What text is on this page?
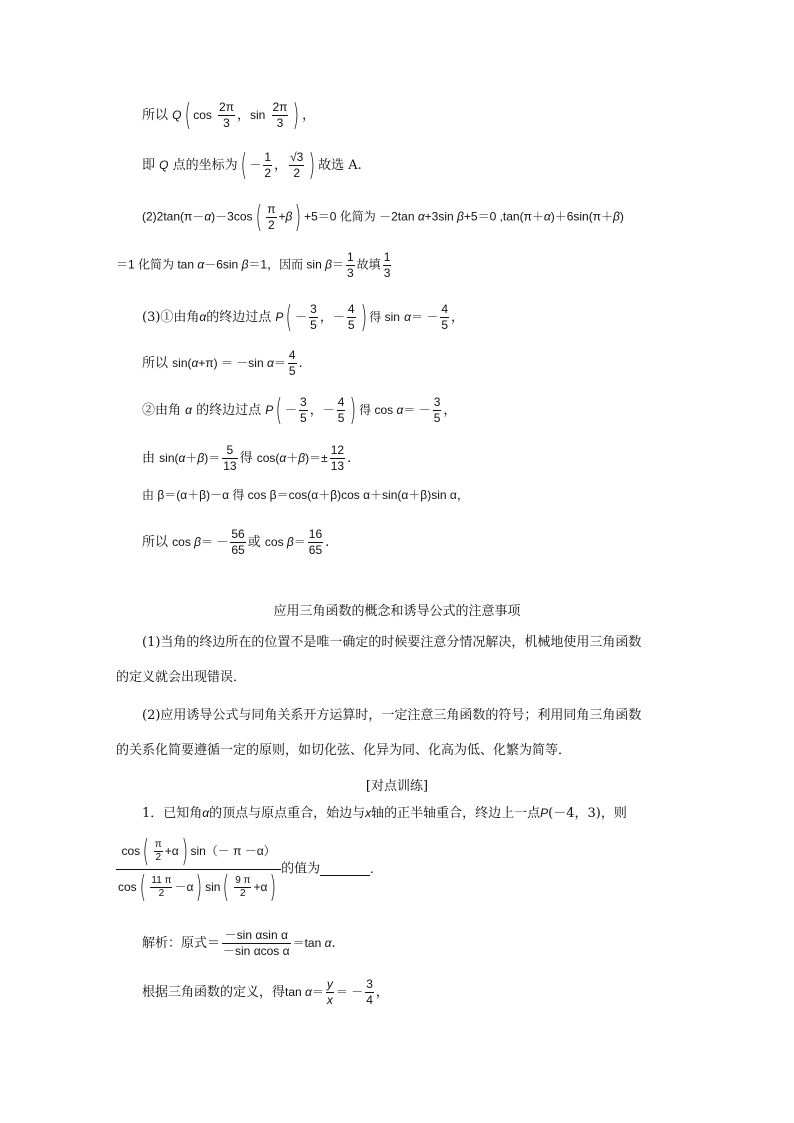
所以 Q( $\cos \frac{2\pi}{3}$ ，$\sin \frac{2\pi}{3}$ ) ，
即 Q 点的坐标为( － $\frac{1}{2}$ ， $\frac{√3}{2}$ ) 故选 A.
$(2)2\tan(\pi-\alpha)-3\cos( \frac{\pi}{2} +\beta) +5=0$ 化简为 －2tan α+3sin β+5＝0 ,tan(π＋α)＋6sin(π＋β)
＝1 化简为 tan α－6sin β＝1，因而 $\sin \beta= \frac{1}{3}$ 故填 $\frac{1}{3}$
(3)①由角α的终边过点 $P( - \frac{3}{5}$ ，－ $\frac{4}{5}$ ) 得 $\sin \alpha= - \frac{4}{5}$ ，
所以 sin(α+π) ＝ －sin $\alpha= \frac{4}{5}$ .
②由角 α 的终边过点 $P( - \frac{3}{5}$ ，－ $\frac{4}{5}$ ) 得 $\cos \alpha= - \frac{3}{5}$ ，
由 $\sin(\alpha+\beta)= \frac{5}{13}$ 得 $\cos(\alpha+\beta)=\pm \frac{12}{13}$ .
由 β＝(α＋β)－α 得 cos β＝cos(α＋β)cos α＋sin(α＋β)sin α，
所以 $\cos \beta= - \frac{56}{65}$ 或 $\cos \beta= \frac{16}{65}$ .
应用三角函数的概念和诱导公式的注意事项
(1)当角的终边所在的位置不是唯一确定的时候要注意分情况解决，机械地使用三角函数
的定义就会出现错误．
(2)应用诱导公式与同角关系开方运算时，一定注意三角函数的符号；利用同角三角函数
的关系化简要遵循一定的原则，如切化弦、化异为同、化高为低、化繁为简等．
[对点训练]
1．已知角α的顶点与原点重合，始边与x轴的正半轴重合，终边上一点P(－4，3)，则
$\frac{\cos( \frac{\pi}{2} +\alpha) \sin(- \pi -\alpha)}{\cos( \frac{11 \pi}{2} -\alpha) \sin( \frac{9 \pi}{2} +\alpha)}$ 的值为	．
解析：原式＝ $\frac{\text{－sin αsin α}}{\text{－sin αcos α}} =\tan$ α.
根据三角函数的定义，得$\tan \alpha= \frac{y}{x}$ ＝ － $\frac{3}{4}$ ，
